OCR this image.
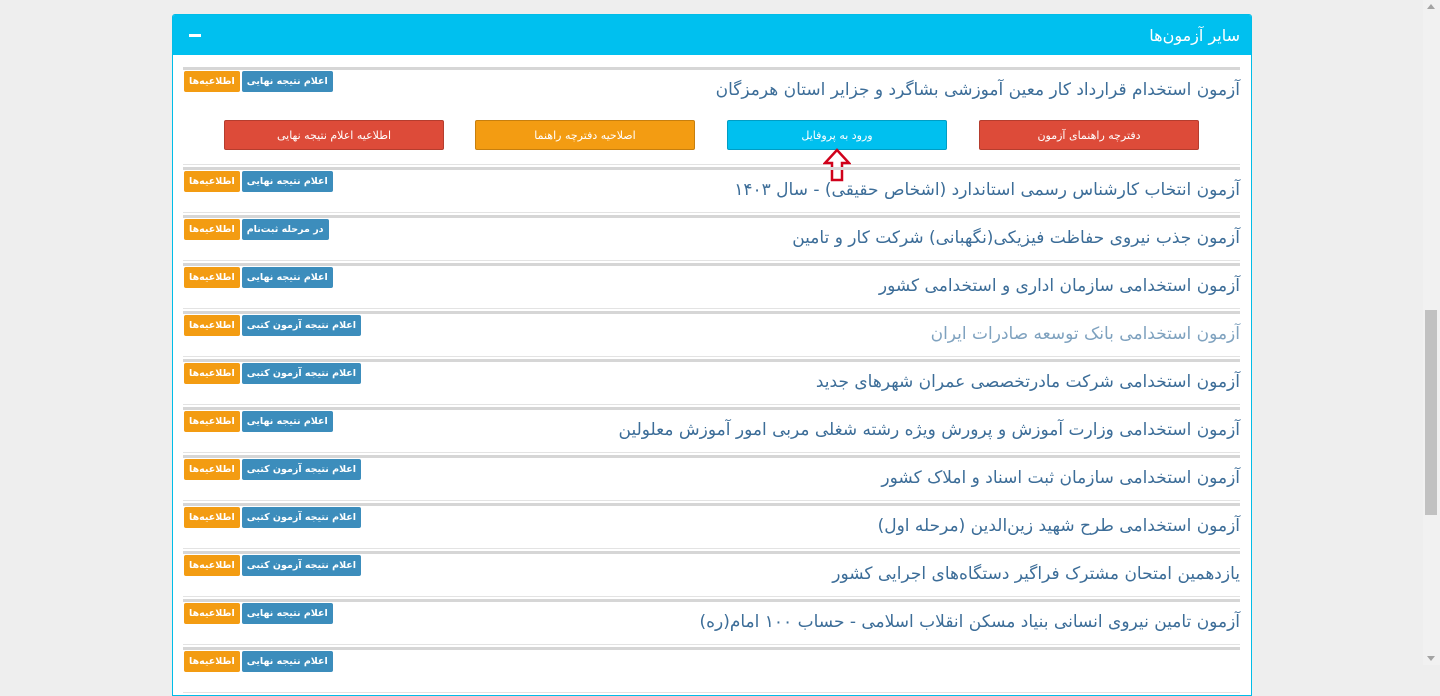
سایر آزمون‌ها
اطلاعیه‌ها	اعلام نتیجه نهایی	آزمون استخدام قرارداد کار معین آموزشی بشاگرد و جزایر استان هرمزگان
دفترچه راهنمای آزمون
ورود به پروفایل
اصلاحیه دفترچه راهنما
اطلاعیه اعلام نتیجه نهایی
اطلاعیه‌ها	اعلام نتیجه نهایی	آزمون انتخاب کارشناس رسمی استاندارد (اشخاص حقیقی) - سال ۱۴۰۳
اطلاعیه‌ها	در مرحله ثبت‌نام	آزمون جذب نیروی حفاظت فیزیکی(نگهبانی) شرکت کار و تامین
اطلاعیه‌ها	اعلام نتیجه نهایی	آزمون استخدامی سازمان اداری و استخدامی کشور
اطلاعیه‌ها	اعلام نتیجه آزمون کتبی	آزمون استخدامی بانک توسعه صادرات ایران
اطلاعیه‌ها	اعلام نتیجه آزمون کتبی	آزمون استخدامی شرکت مادرتخصصی عمران شهرهای جدید
اطلاعیه‌ها	اعلام نتیجه نهایی	آزمون استخدامی وزارت آموزش و پرورش ویژه رشته شغلی مربی امور آموزش معلولین
اطلاعیه‌ها	اعلام نتیجه آزمون کتبی	آزمون استخدامی سازمان ثبت اسناد و املاک کشور
اطلاعیه‌ها	اعلام نتیجه آزمون کتبی	آزمون استخدامی طرح شهید زین‌الدین (مرحله اول)
اطلاعیه‌ها	اعلام نتیجه آزمون کتبی	یازدهمین امتحان مشترک فراگیر دستگاه‌های اجرایی کشور
اطلاعیه‌ها	اعلام نتیجه نهایی	آزمون تامین نیروی انسانی بنیاد مسکن انقلاب اسلامی - حساب ۱۰۰ امام(ره)
اطلاعیه‌ها	اعلام نتیجه نهایی
